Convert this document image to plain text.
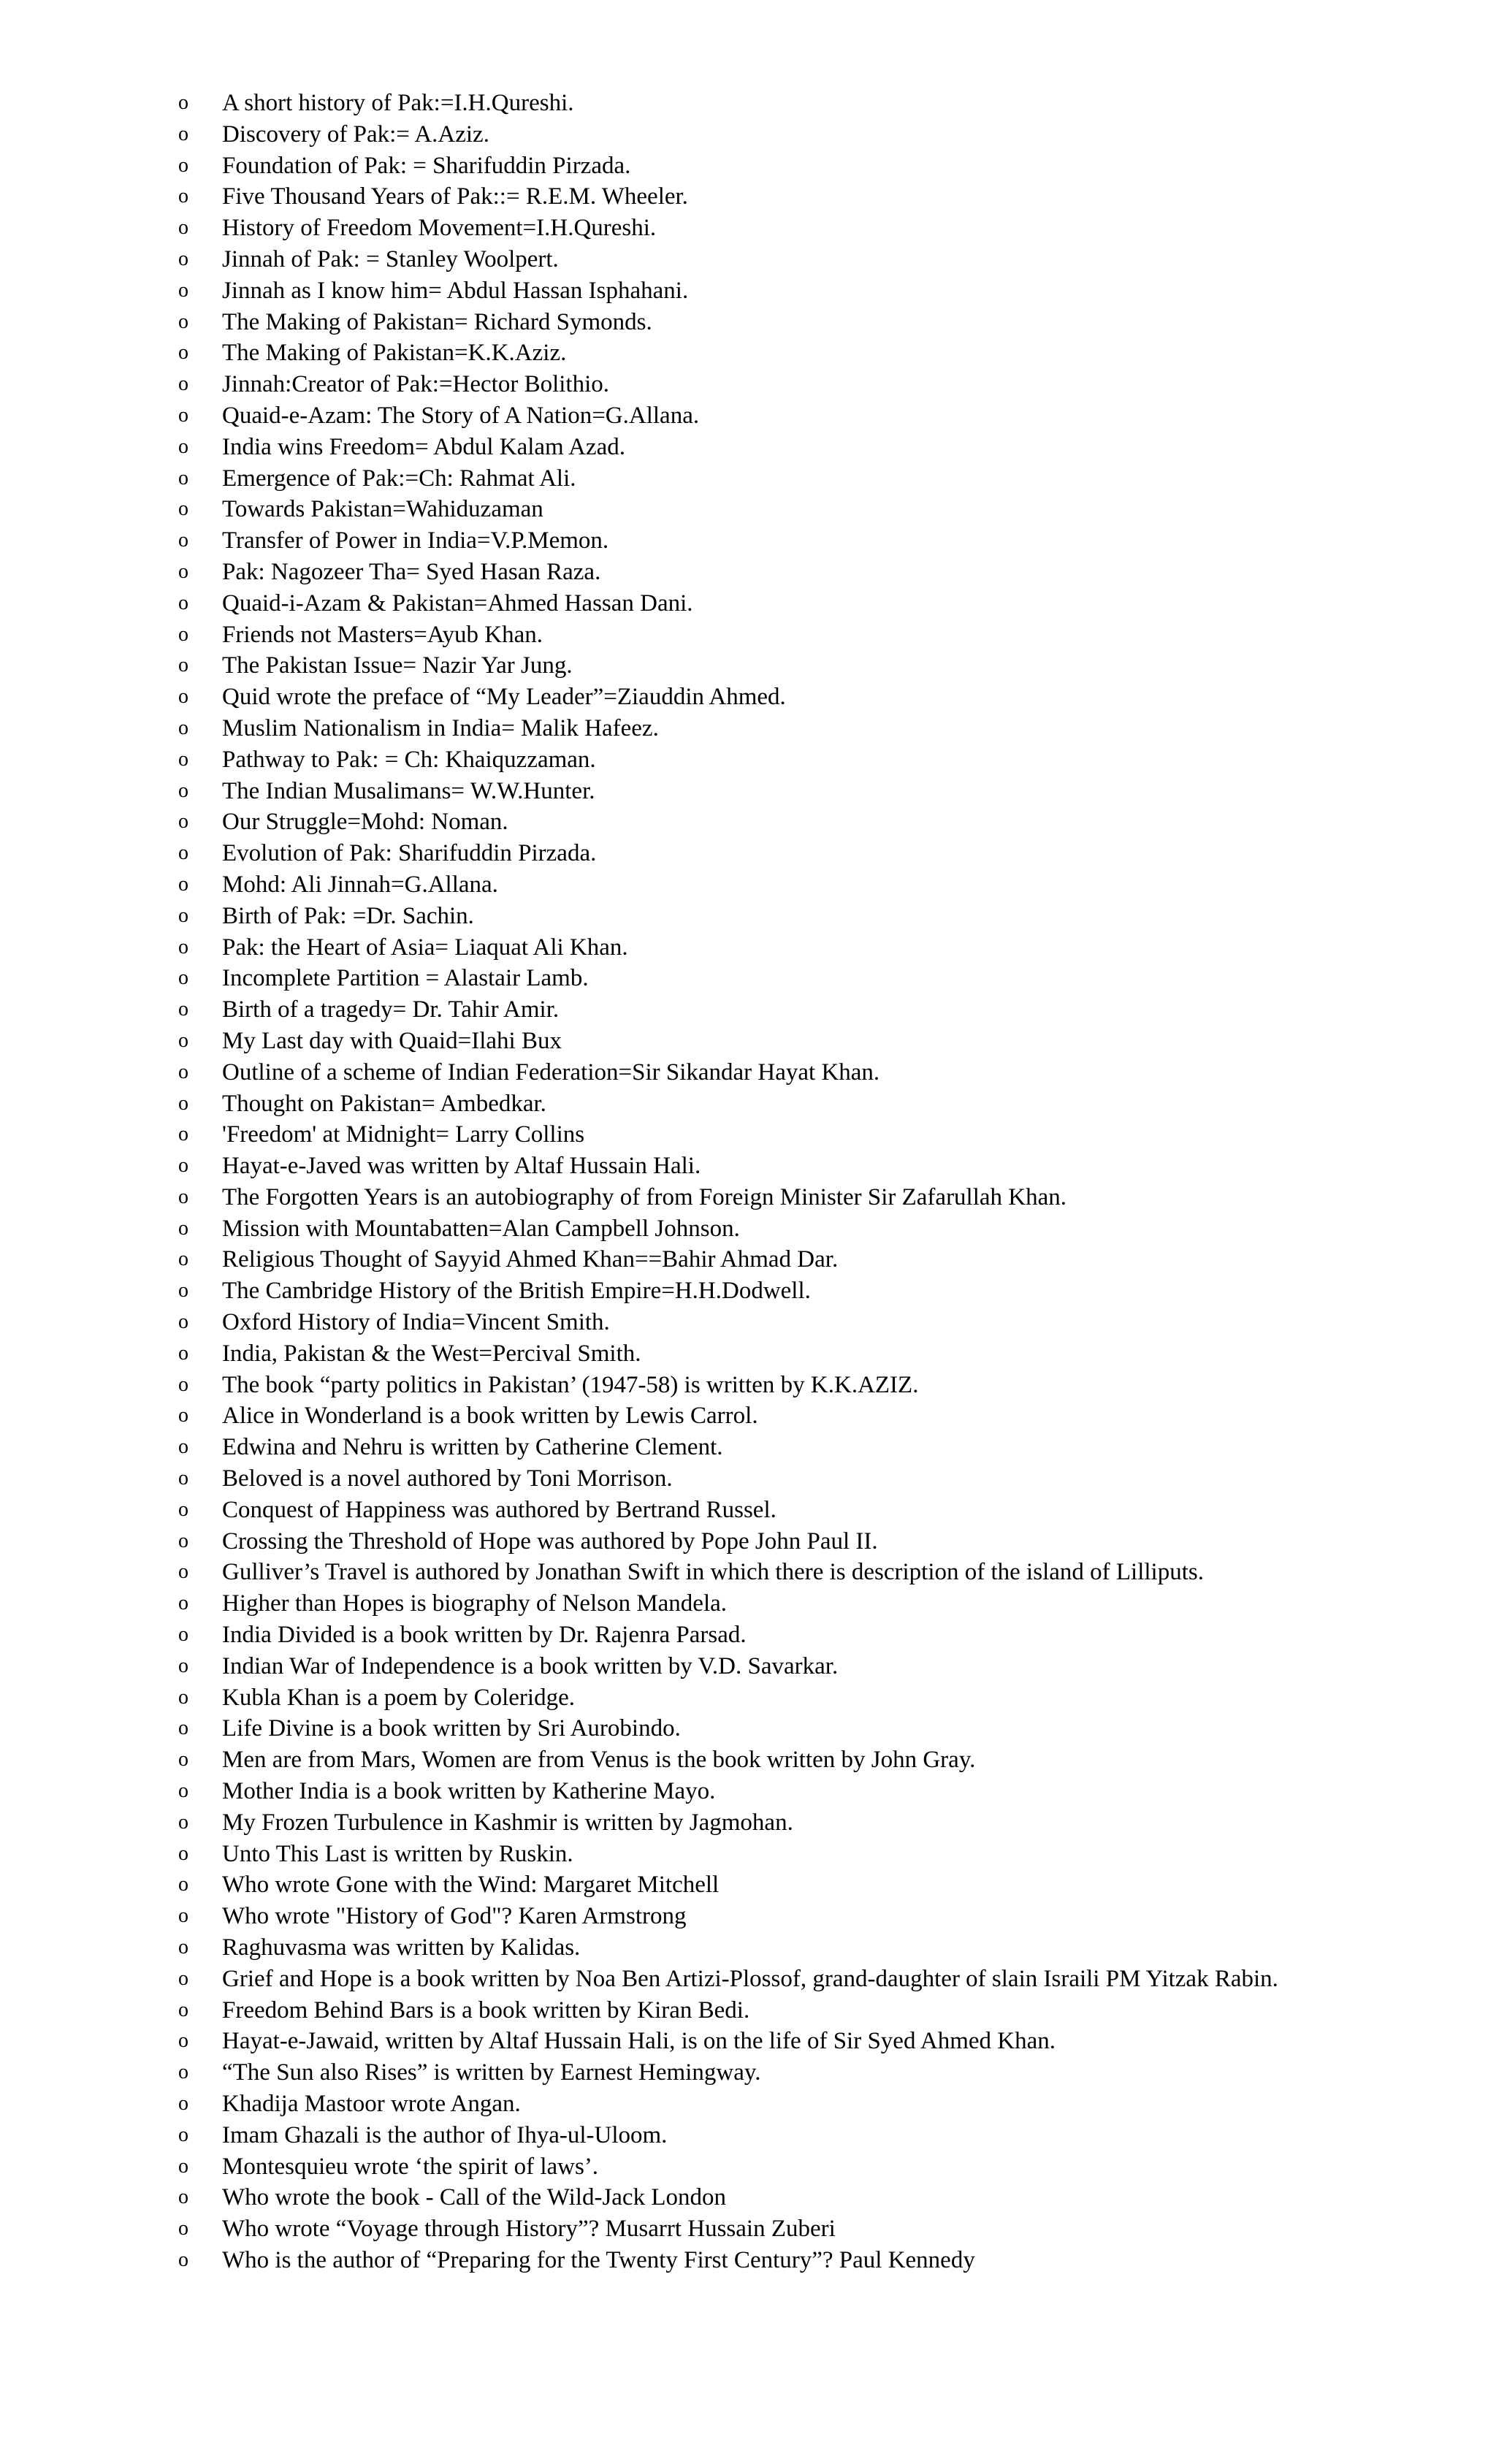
o	A short history of Pak:=I.H.Qureshi.
o	Discovery of Pak:= A.Aziz.
o	Foundation of Pak: = Sharifuddin Pirzada.
o	Five Thousand Years of Pak::= R.E.M. Wheeler.
o	History of Freedom Movement=I.H.Qureshi.
o	Jinnah of Pak: = Stanley Woolpert.
o	Jinnah as I know him= Abdul Hassan Isphahani.
o	The Making of Pakistan= Richard Symonds.
o	The Making of Pakistan=K.K.Aziz.
o	Jinnah:Creator of Pak:=Hector Bolithio.
o	Quaid-e-Azam: The Story of A Nation=G.Allana.
o	India wins Freedom= Abdul Kalam Azad.
o	Emergence of Pak:=Ch: Rahmat Ali.
o	Towards Pakistan=Wahiduzaman
o	Transfer of Power in India=V.P.Memon.
o	Pak: Nagozeer Tha= Syed Hasan Raza.
o	Quaid-i-Azam & Pakistan=Ahmed Hassan Dani.
o	Friends not Masters=Ayub Khan.
o	The Pakistan Issue= Nazir Yar Jung.
o	Quid wrote the preface of “My Leader”=Ziauddin Ahmed.
o	Muslim Nationalism in India= Malik Hafeez.
o	Pathway to Pak: = Ch: Khaiquzzaman.
o	The Indian Musalimans= W.W.Hunter.
o	Our Struggle=Mohd: Noman.
o	Evolution of Pak: Sharifuddin Pirzada.
o	Mohd: Ali Jinnah=G.Allana.
o	Birth of Pak: =Dr. Sachin.
o	Pak: the Heart of Asia= Liaquat Ali Khan.
o	Incomplete Partition = Alastair Lamb.
o	Birth of a tragedy= Dr. Tahir Amir.
o	My Last day with Quaid=Ilahi Bux
o	Outline of a scheme of Indian Federation=Sir Sikandar Hayat Khan.
o	Thought on Pakistan= Ambedkar.
o	'Freedom' at Midnight= Larry Collins
o	Hayat-e-Javed was written by Altaf Hussain Hali.
o	The Forgotten Years is an autobiography of from Foreign Minister Sir Zafarullah Khan.
o	Mission with Mountabatten=Alan Campbell Johnson.
o	Religious Thought of Sayyid Ahmed Khan==Bahir Ahmad Dar.
o	The Cambridge History of the British Empire=H.H.Dodwell.
o	Oxford History of India=Vincent Smith.
o	India, Pakistan & the West=Percival Smith.
o	The book “party politics in Pakistan’ (1947-58) is written by K.K.AZIZ.
o	Alice in Wonderland is a book written by Lewis Carrol.
o	Edwina and Nehru is written by Catherine Clement.
o	Beloved is a novel authored by Toni Morrison.
o	Conquest of Happiness was authored by Bertrand Russel.
o	Crossing the Threshold of Hope was authored by Pope John Paul II.
o	Gulliver’s Travel is authored by Jonathan Swift in which there is description of the island of Lilliputs.
o	Higher than Hopes is biography of Nelson Mandela.
o	India Divided is a book written by Dr. Rajenra Parsad.
o	Indian War of Independence is a book written by V.D. Savarkar.
o	Kubla Khan is a poem by Coleridge.
o	Life Divine is a book written by Sri Aurobindo.
o	Men are from Mars, Women are from Venus is the book written by John Gray.
o	Mother India is a book written by Katherine Mayo.
o	My Frozen Turbulence in Kashmir is written by Jagmohan.
o	Unto This Last is written by Ruskin.
o	Who wrote Gone with the Wind: Margaret Mitchell
o	Who wrote "History of God"? Karen Armstrong
o	Raghuvasma was written by Kalidas.
o	Grief and Hope is a book written by Noa Ben Artizi-Plossof, grand-daughter of slain Israili PM Yitzak Rabin.
o	Freedom Behind Bars is a book written by Kiran Bedi.
o	Hayat-e-Jawaid, written by Altaf Hussain Hali, is on the life of Sir Syed Ahmed Khan.
o	“The Sun also Rises” is written by Earnest Hemingway.
o	Khadija Mastoor wrote Angan.
o	Imam Ghazali is the author of Ihya-ul-Uloom.
o	Montesquieu wrote ‘the spirit of laws’.
o	Who wrote the book - Call of the Wild-Jack London
o	Who wrote “Voyage through History”? Musarrt Hussain Zuberi
o	Who is the author of “Preparing for the Twenty First Century”? Paul Kennedy
